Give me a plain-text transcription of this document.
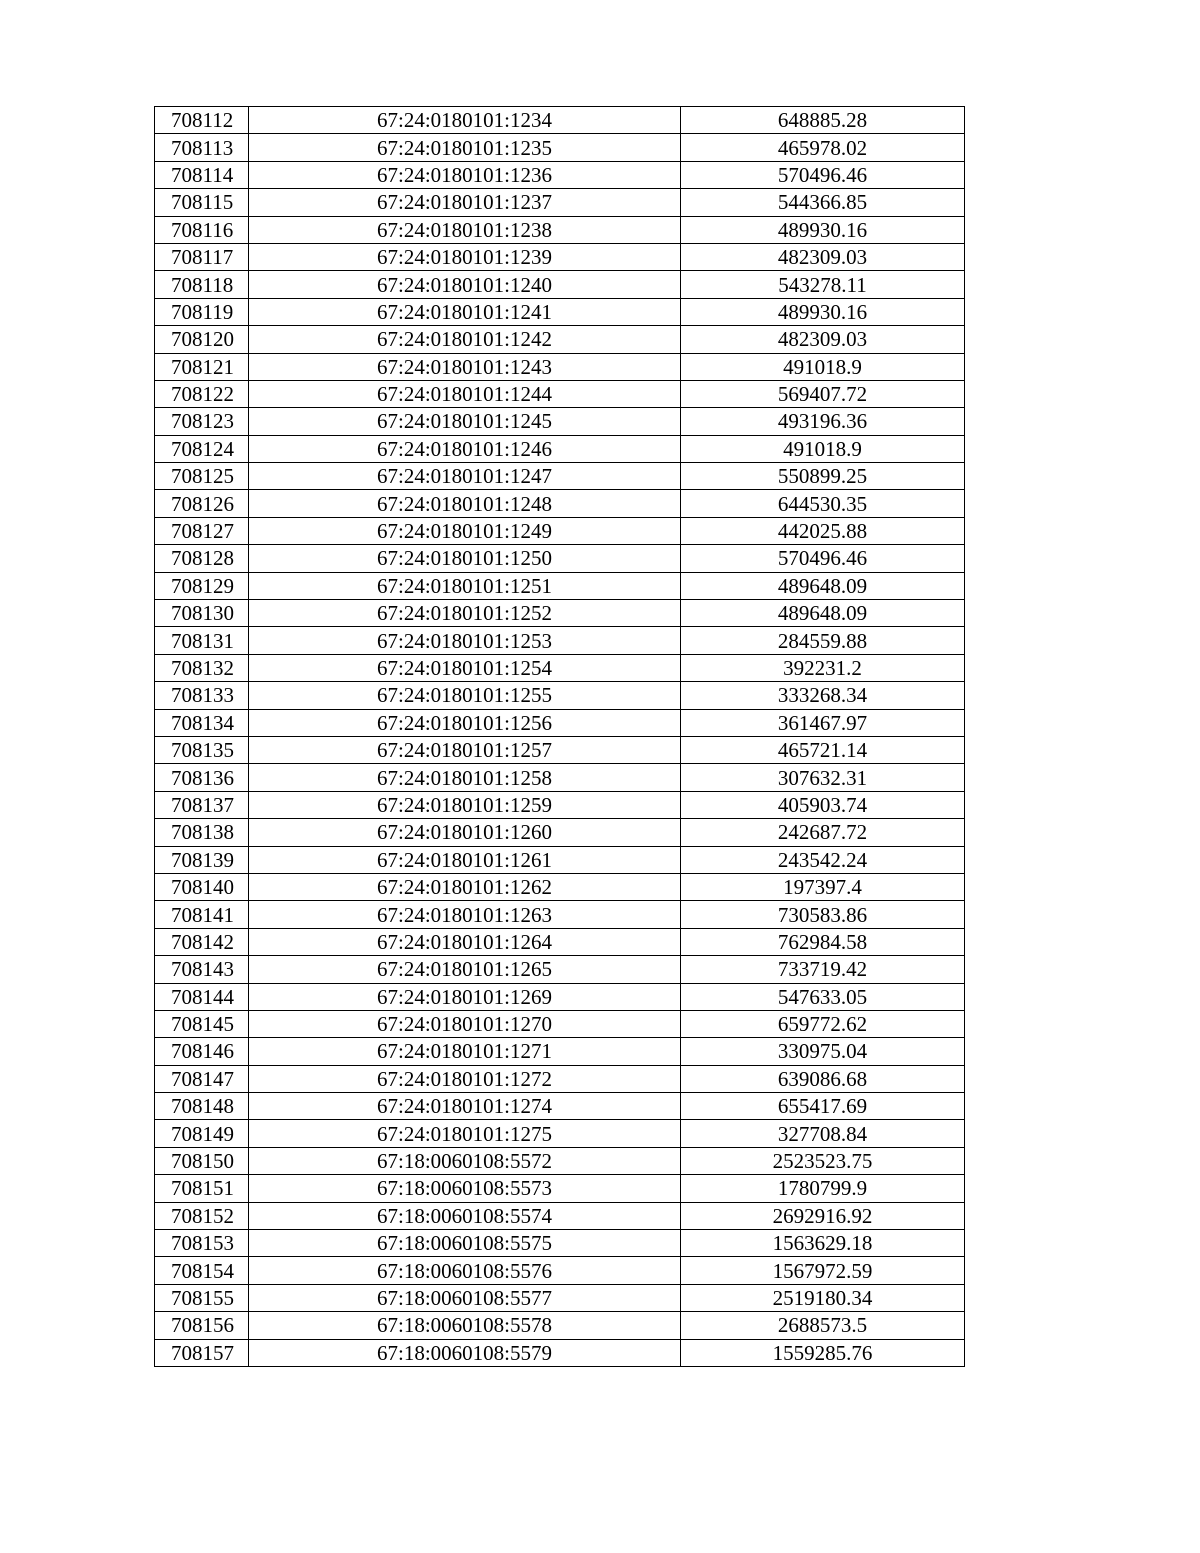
708112	67:24:0180101:1234	648885.28
708113	67:24:0180101:1235	465978.02
708114	67:24:0180101:1236	570496.46
708115	67:24:0180101:1237	544366.85
708116	67:24:0180101:1238	489930.16
708117	67:24:0180101:1239	482309.03
708118	67:24:0180101:1240	543278.11
708119	67:24:0180101:1241	489930.16
708120	67:24:0180101:1242	482309.03
708121	67:24:0180101:1243	491018.9
708122	67:24:0180101:1244	569407.72
708123	67:24:0180101:1245	493196.36
708124	67:24:0180101:1246	491018.9
708125	67:24:0180101:1247	550899.25
708126	67:24:0180101:1248	644530.35
708127	67:24:0180101:1249	442025.88
708128	67:24:0180101:1250	570496.46
708129	67:24:0180101:1251	489648.09
708130	67:24:0180101:1252	489648.09
708131	67:24:0180101:1253	284559.88
708132	67:24:0180101:1254	392231.2
708133	67:24:0180101:1255	333268.34
708134	67:24:0180101:1256	361467.97
708135	67:24:0180101:1257	465721.14
708136	67:24:0180101:1258	307632.31
708137	67:24:0180101:1259	405903.74
708138	67:24:0180101:1260	242687.72
708139	67:24:0180101:1261	243542.24
708140	67:24:0180101:1262	197397.4
708141	67:24:0180101:1263	730583.86
708142	67:24:0180101:1264	762984.58
708143	67:24:0180101:1265	733719.42
708144	67:24:0180101:1269	547633.05
708145	67:24:0180101:1270	659772.62
708146	67:24:0180101:1271	330975.04
708147	67:24:0180101:1272	639086.68
708148	67:24:0180101:1274	655417.69
708149	67:24:0180101:1275	327708.84
708150	67:18:0060108:5572	2523523.75
708151	67:18:0060108:5573	1780799.9
708152	67:18:0060108:5574	2692916.92
708153	67:18:0060108:5575	1563629.18
708154	67:18:0060108:5576	1567972.59
708155	67:18:0060108:5577	2519180.34
708156	67:18:0060108:5578	2688573.5
708157	67:18:0060108:5579	1559285.76
